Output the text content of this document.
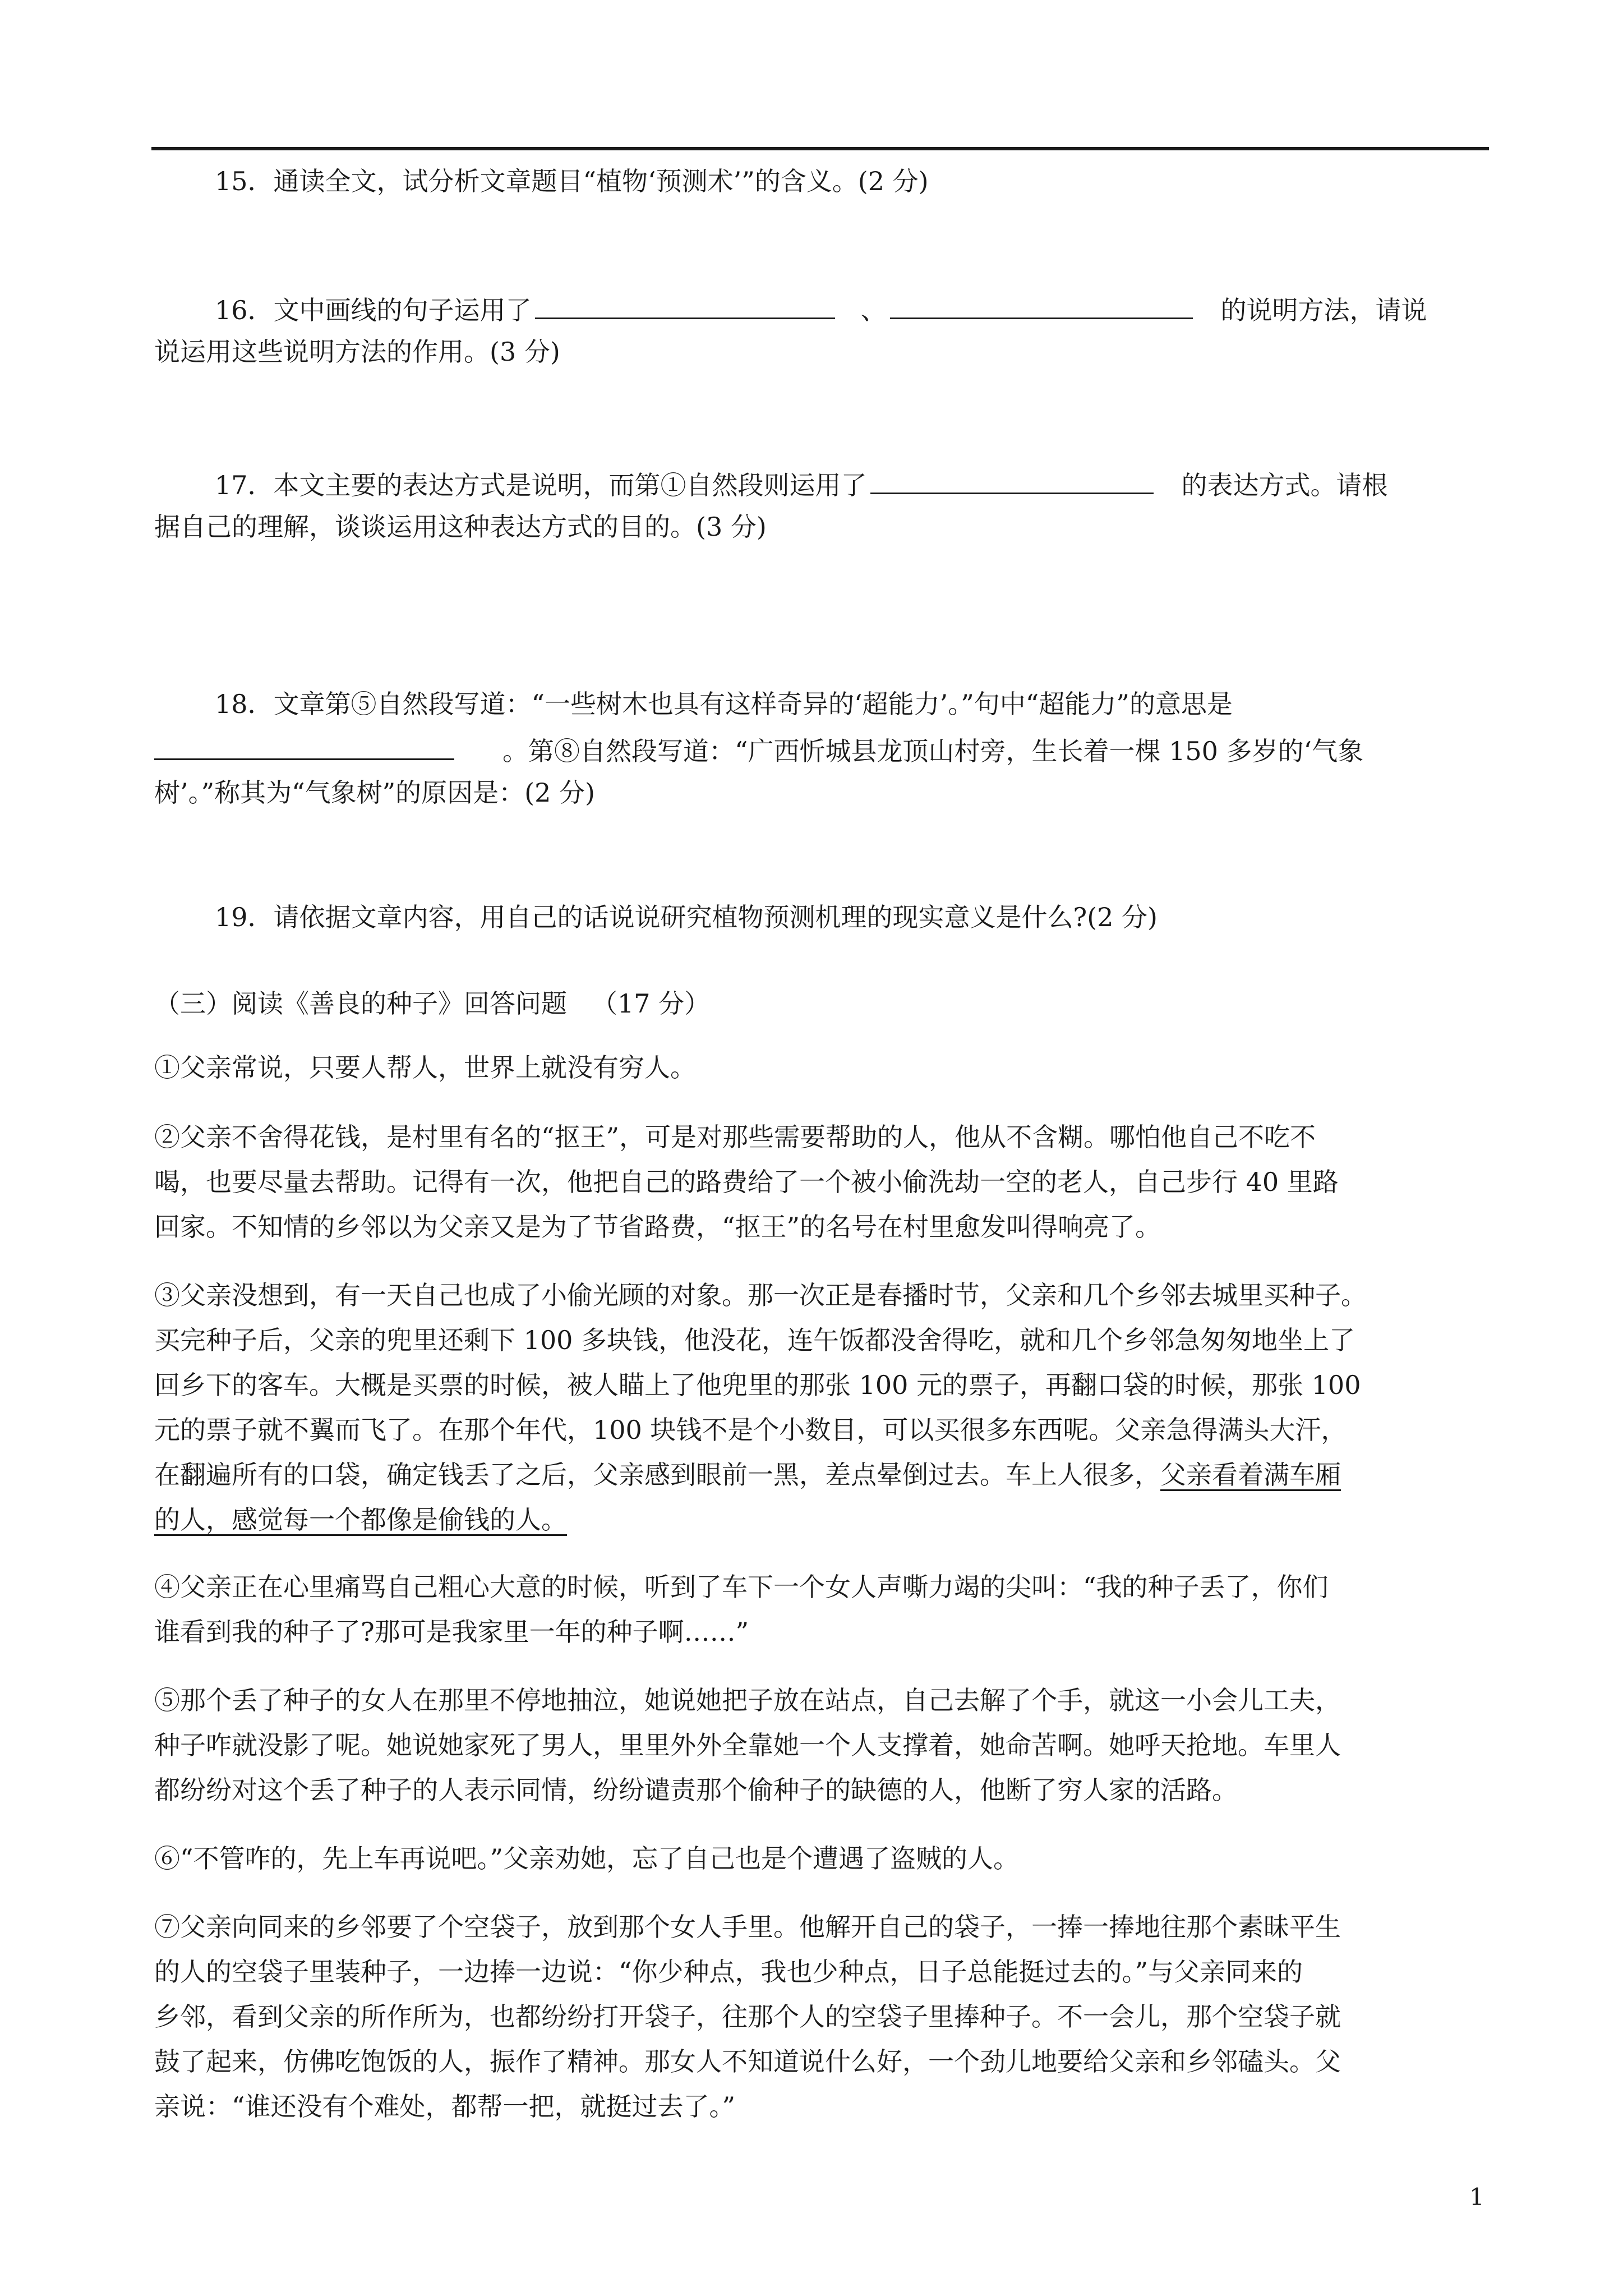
15．通读全文，试分析文章题目“植物‘预测术’”的含义。(2 分)
16．文中画线的句子运用了	、	的说明方法，请说
说运用这些说明方法的作用。(3 分)
17．本文主要的表达方式是说明，而第①自然段则运用了	的表达方式。请根
据自己的理解，谈谈运用这种表达方式的目的。(3 分)
18．文章第⑤自然段写道：“一些树木也具有这样奇异的‘超能力’。”句中“超能力”的意思是
。第⑧自然段写道：“广西忻城县龙顶山村旁，生长着一棵 150 多岁的‘气象
树’。”称其为“气象树”的原因是：(2 分)
19．请依据文章内容，用自己的话说说研究植物预测机理的现实意义是什么?(2 分)
（三）阅读《善良的种子》回答问题 （17 分）
①父亲常说，只要人帮人，世界上就没有穷人。
②父亲不舍得花钱，是村里有名的“抠王”，可是对那些需要帮助的人，他从不含糊。哪怕他自己不吃不
喝，也要尽量去帮助。记得有一次，他把自己的路费给了一个被小偷洗劫一空的老人，自己步行 40 里路
回家。不知情的乡邻以为父亲又是为了节省路费，“抠王”的名号在村里愈发叫得响亮了。
③父亲没想到，有一天自己也成了小偷光顾的对象。那一次正是春播时节，父亲和几个乡邻去城里买种子。
买完种子后，父亲的兜里还剩下 100 多块钱，他没花，连午饭都没舍得吃，就和几个乡邻急匆匆地坐上了
回乡下的客车。大概是买票的时候，被人瞄上了他兜里的那张 100 元的票子，再翻口袋的时候，那张 100
元的票子就不翼而飞了。在那个年代，100 块钱不是个小数目，可以买很多东西呢。父亲急得满头大汗，
在翻遍所有的口袋，确定钱丢了之后，父亲感到眼前一黑，差点晕倒过去。车上人很多，父亲看着满车厢
的人，感觉每一个都像是偷钱的人。
④父亲正在心里痛骂自己粗心大意的时候，听到了车下一个女人声嘶力竭的尖叫：“我的种子丢了，你们
谁看到我的种子了?那可是我家里一年的种子啊……”
⑤那个丢了种子的女人在那里不停地抽泣，她说她把子放在站点，自己去解了个手，就这一小会儿工夫，
种子咋就没影了呢。她说她家死了男人，里里外外全靠她一个人支撑着，她命苦啊。她呼天抢地。车里人
都纷纷对这个丢了种子的人表示同情，纷纷谴责那个偷种子的缺德的人，他断了穷人家的活路。
⑥“不管咋的，先上车再说吧。”父亲劝她，忘了自己也是个遭遇了盗贼的人。
⑦父亲向同来的乡邻要了个空袋子，放到那个女人手里。他解开自己的袋子，一捧一捧地往那个素昧平生
的人的空袋子里装种子，一边捧一边说：“你少种点，我也少种点，日子总能挺过去的。”与父亲同来的
乡邻，看到父亲的所作所为，也都纷纷打开袋子，往那个人的空袋子里捧种子。不一会儿，那个空袋子就
鼓了起来，仿佛吃饱饭的人，振作了精神。那女人不知道说什么好，一个劲儿地要给父亲和乡邻磕头。父
亲说：“谁还没有个难处，都帮一把，就挺过去了。”
1
